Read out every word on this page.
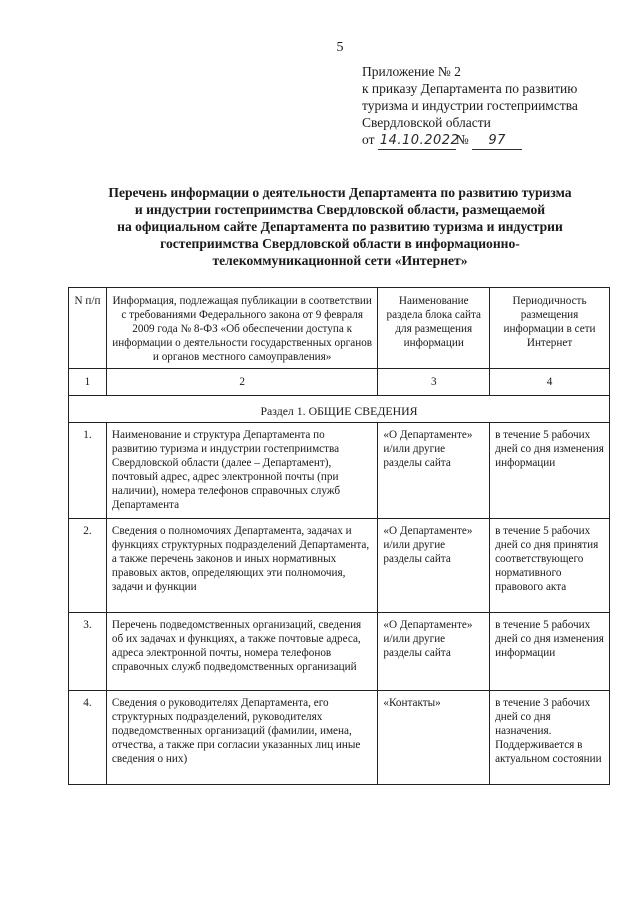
5
Приложение № 2
к приказу Департамента по развитию
туризма и индустрии гостеприимства
Свердловской области
от 14.10.2022№ 97
Перечень информации о деятельности Департамента по развитию туризма
и индустрии гостеприимства Свердловской области, размещаемой
на официальном сайте Департамента по развитию туризма и индустрии
гостеприимства Свердловской области в информационно-
телекоммуникационной сети «Интернет»
N п/п	Информация, подлежащая публикации в соответствии с требованиями Федерального закона от 9 февраля 2009 года № 8-ФЗ «Об обеспечении доступа к информации о деятельности государственных органов и органов местного самоуправления»	Наименование раздела блока сайта для размещения информации	Периодичность размещения информации в сети Интернет
1	2	3	4
Раздел 1. ОБЩИЕ СВЕДЕНИЯ			
1.	Наименование и структура Департамента по развитию туризма и индустрии гостеприимства Свердловской области (далее – Департамент), почтовый адрес, адрес электронной почты (при наличии), номера телефонов справочных служб Департамента	«О Департаменте» и/или другие разделы сайта	в течение 5 рабочих дней со дня изменения информации
2.	Сведения о полномочиях Департамента, задачах и функциях структурных подразделений Департамента, а также перечень законов и иных нормативных правовых актов, определяющих эти полномочия, задачи и функции	«О Департаменте» и/или другие разделы сайта	в течение 5 рабочих дней со дня принятия соответствующего нормативного правового акта
3.	Перечень подведомственных организаций, сведения об их задачах и функциях, а также почтовые адреса, адреса электронной почты, номера телефонов справочных служб подведомственных организаций	«О Департаменте» и/или другие разделы сайта	в течение 5 рабочих дней со дня изменения информации
4.	Сведения о руководителях Департамента, его структурных подразделений, руководителях подведомственных организаций (фамилии, имена, отчества, а также при согласии указанных лиц иные сведения о них)	«Контакты»	в течение 3 рабочих дней со дня назначения. Поддерживается в актуальном состоянии
